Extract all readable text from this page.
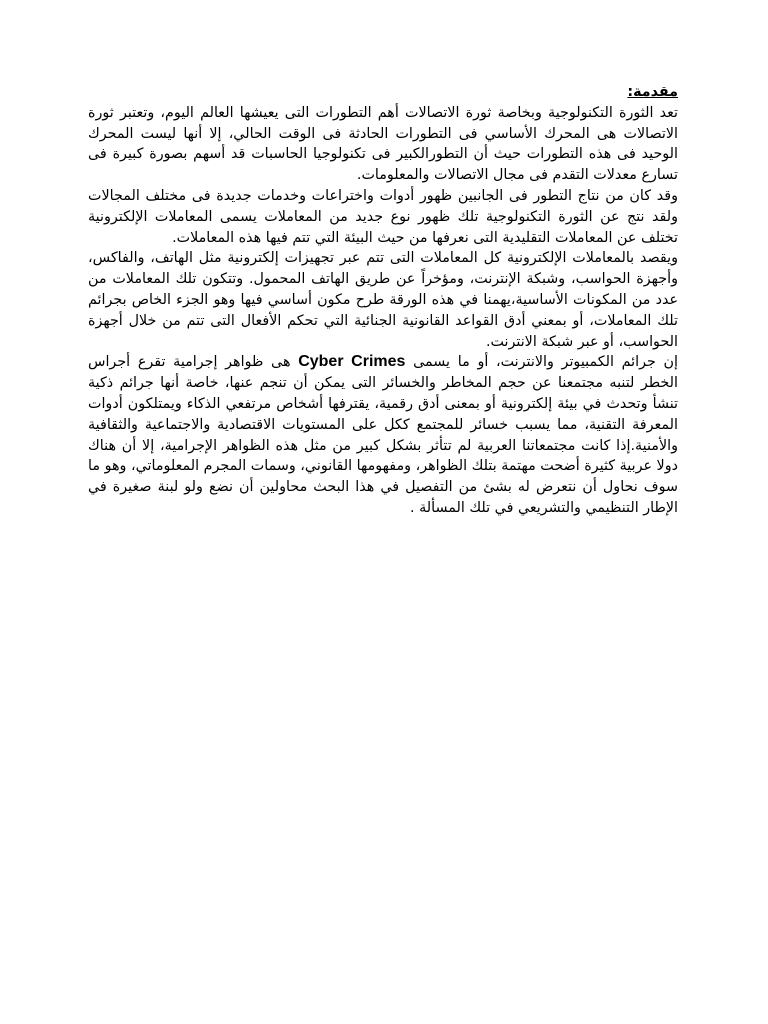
مقدمة:

تعد الثورة التكنولوجية وبخاصة ثورة الاتصالات أهم التطورات التى يعيشها العالم اليوم، وتعتبر ثورة الاتصالات هى المحرك الأساسي فى التطورات الحادثة فى الوقت الحالي، إلا أنها ليست المحرك الوحيد فى هذه التطورات حيث أن التطورالكبير فى تكنولوجيا الحاسبات قد أسهم بصورة كبيرة فى تسارع معدلات التقدم فى مجال الاتصالات والمعلومات.

وقد كان من نتاج التطور فى الجانبين ظهور أدوات واختراعات وخدمات جديدة فى مختلف المجالات ولقد نتج عن الثورة التكنولوجية تلك ظهور نوع جديد من المعاملات يسمى المعاملات الإلكترونية تختلف عن المعاملات التقليدية التى نعرفها من حيث البيئة التي تتم فيها هذه المعاملات.

ويقصد بالمعاملات الإلكترونية كل المعاملات التى تتم عبر تجهيزات إلكترونية مثل الهاتف، والفاكس، وأجهزة الحواسب، وشبكة الإنترنت، ومؤخراً عن طريق الهاتف المحمول. وتتكون تلك المعاملات من عدد من المكونات الأساسية،يهمنا في هذه الورقة طرح مكون أساسي فيها وهو الجزء الخاص بجرائم تلك المعاملات، أو بمعني أدق القواعد القانونية الجنائية التي تحكم الأفعال التى تتم من خلال أجهزة الحواسب، أو عبر شبكة الانترنت.

إن جرائم الكمبيوتر والانترنت، أو ما يسمى Cyber Crimes هى ظواهر إجرامية تقرع أجراس الخطر لتنبه مجتمعنا عن حجم المخاطر والخسائر التى يمكن أن تنجم عنها، خاصة أنها جرائم ذكية تنشأ وتحدث في بيئة إلكترونية أو بمعنى أدق رقمية، يقترفها أشخاص مرتفعي الذكاء ويمتلكون أدوات المعرفة التقنية، مما يسبب خسائر للمجتمع ككل على المستويات الاقتصادية والاجتماعية والثقافية والأمنية.إذا كانت مجتمعاتنا العربية لم تتأثر بشكل كبير من مثل هذه الظواهر الإجرامية، إلا أن هناك دولا عربية كثيرة أضحت مهتمة بتلك الظواهر، ومفهومها القانوني، وسمات المجرم المعلوماتي، وهو ما سوف نحاول أن نتعرض له بشئ من التفصيل في هذا البحث محاولين أن نضع ولو لبنة صغيرة في الإطار التنظيمي والتشريعي في تلك المسألة .
